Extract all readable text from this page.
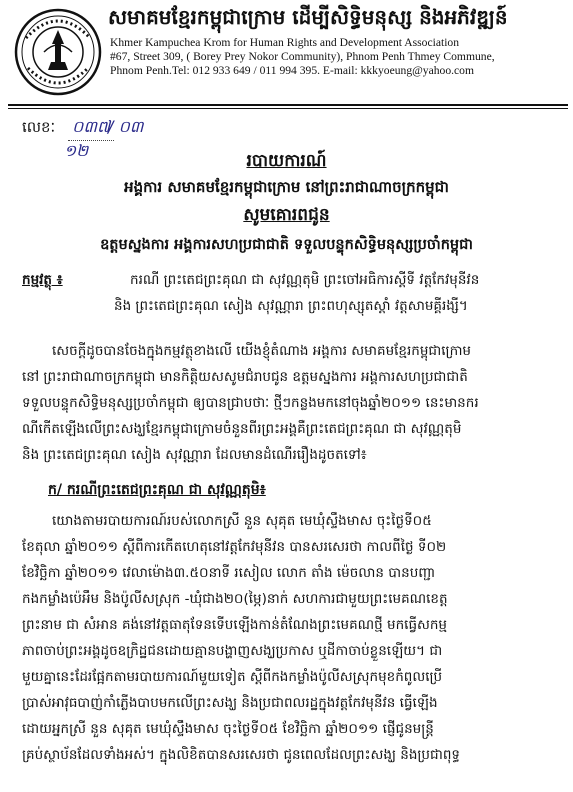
សមាគមខ្មែរកម្ពុជាក្រោម ដើម្បីសិទ្ធិមនុស្ស និងអភិវឌ្ឍន៍
Khmer Kampuchea Krom for Human Rights and Development Association
#67, Street 309, ( Borey Prey Nokor Community), Phnom Penh Thmey Commune,
Phnom Penh.Tel: 012 933 649 / 011 994 395. E-mail: kkkyoeung@yahoo.com
លេខៈ ០៣៧
/ ០៣
១២
របាយការណ៍
អង្គការ សមាគមខ្មែរកម្ពុជាក្រោម នៅព្រះរាជាណាចក្រកម្ពុជា
សូមគោរពជូន
ឧត្តមស្នងការ អង្គការសហប្រជាជាតិ ទទួលបន្ទុកសិទ្ធិមនុស្សប្រចាំកម្ពុជា
កម្មវត្ថុ ៖	ករណី ព្រះតេជព្រះគុណ ជា សុវណ្ណតុមិ ព្រះចៅអធិការស្តីទី វត្តកែវមុនីវន
និង ព្រះតេជព្រះគុណ សៀង សុវណ្ណារា ព្រះពហុស្សុតស្តាំ វត្តសាមគ្គីរង្សី។
សេចក្តីដូចបានចែងក្នុងកម្មវត្ថុខាងលើ យើងខ្ញុំតំណាង អង្គការ សមាគមខ្មែរកម្ពុជាក្រោម
នៅ ព្រះរាជាណាចក្រកម្ពុជា មានកិត្តិយសសូមជំរាបជូន ឧត្តមស្នងការ អង្គការសហប្រជាជាតិ
ទទួលបន្ទុកសិទ្ធិមនុស្សប្រចាំកម្ពុជា ឲ្យបានជ្រាបថាៈ ថ្មីៗកន្លងមកនៅចុងឆ្នាំ២០១១ នេះមានករ
ណីកើតឡើងលើព្រះសង្ឃខ្មែរកម្ពុជាក្រោមចំនួនពីរព្រះអង្គគឺព្រះតេជព្រះគុណ ជា សុវណ្ណតុមិ
និង ព្រះតេជព្រះគុណ សៀង សុវណ្ណារា ដែលមានដំណើររឿងដូចតទៅ៖
ក/ ករណីព្រះតេជព្រះគុណ ជា សុវណ្ណតុមិ៖
យោងតាមរបាយការណ៍របស់លោកស្រី នួន សុគុត មេឃុំស្ទឹងមាស ចុះថ្ងៃទី០៥
ខែតុលា ឆ្នាំ២០១១ ស្តីពីការកើតហេតុនៅវត្តកែវមុនីវន បានសរសេរថា កាលពីថ្ងៃ ទី០២
ខែវិច្ឆិកា ឆ្នាំ២០១១ វេលាម៉ោង៣.៥០នាទី រសៀល លោក តាំង ម៉េចលាន បានបញ្ជា
កងកម្លាំងប៉េអឹម និងប៉ូលីសស្រុក -ឃុំជាង២០(ម្ភៃ)នាក់ សហការជាមួយព្រះមេគណខេត្ត
ព្រះនាម ជា សំអាន គង់នៅវត្តធាតុទែនទើបឡើងកាន់តំណែងព្រះមេគណថ្មី មកធ្វើសកម្ម
ភាពចាប់ព្រះអង្គដូចឧក្រិដ្ឋជនដោយគ្មានបង្ហាញសង្ឃប្រកាស ឬដីកាចាប់ខ្លួនឡើយ។ ជា
មួយគ្នានេះដែរផ្អែកតាមរបាយការណ៍មួយទៀត ស្តីពីកងកម្លាំងប៉ូលីសស្រុកមុខកំពូលប្រើ
ប្រាស់អាវុធបាញ់កាំភ្លើងបាបមកលើព្រះសង្ឃ និងប្រជាពលរដ្ឋក្នុងវត្តកែវមុនីវន ធ្វើឡើង
ដោយអ្នកស្រី នួន សុគុត មេឃុំស្ទឹងមាស ចុះថ្ងៃទី០៥ ខែវិច្ឆិកា ឆ្នាំ២០១១ ផ្ញើជូនមន្ត្រី
គ្រប់ស្ថាប័នដែលទាំងអស់។ ក្នុងលិខិតបានសរសេរថា ជូនពេលដែលព្រះសង្ឃ និងប្រជាពុទ្ធ
